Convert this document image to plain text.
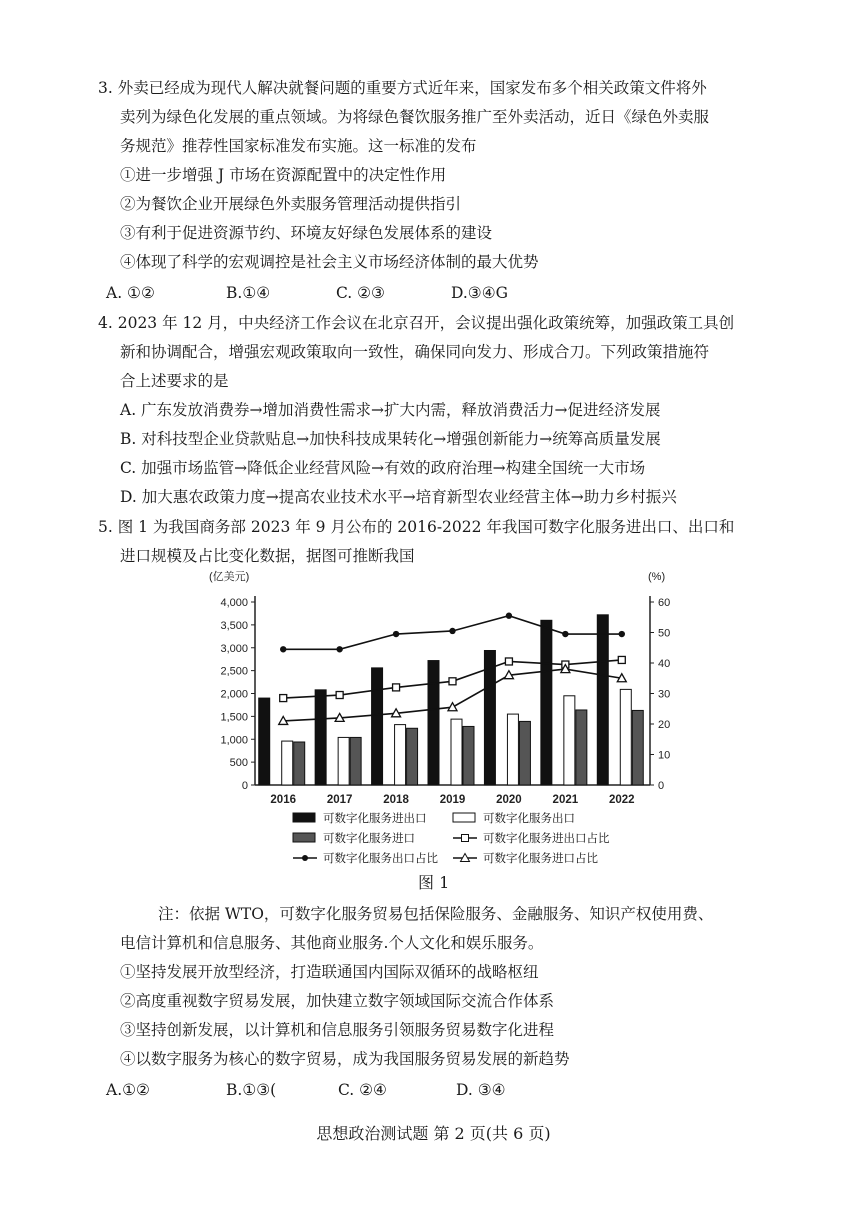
3. 外卖已经成为现代人解决就餐问题的重要方式近年来，国家发布多个相关政策文件将外
卖列为绿色化发展的重点领域。为将绿色餐饮服务推广至外卖活动，近日《绿色外卖服
务规范》推荐性国家标准发布实施。这一标准的发布
①进一步增强 J 市场在资源配置中的决定性作用
②为餐饮企业开展绿色外卖服务管理活动提供指引
③有利于促进资源节约、环境友好绿色发展体系的建设
④体现了科学的宏观调控是社会主义市场经济体制的最大优势
A. ①②	B.①④	C. ②③	D.③④G
4. 2023 年 12 月，中央经济工作会议在北京召开，会议提出强化政策统筹，加强政策工具创
新和协调配合，增强宏观政策取向一致性，确保同向发力、形成合刀。下列政策措施符
合上述要求的是
A. 广东发放消费券→增加消费性需求→扩大内需，释放消费活力→促进经济发展
B. 对科技型企业贷款贴息→加快科技成果转化→增强创新能力→统筹高质量发展
C. 加强市场监管→降低企业经营风险→有效的政府治理→构建全国统一大市场
D. 加大惠农政策力度→提高农业技术水平→培育新型农业经营主体→助力乡村振兴
5. 图 1 为我国商务部 2023 年 9 月公布的 2016-2022 年我国可数字化服务进出口、出口和
进口规模及占比变化数据，据图可推断我国
(亿美元)	(%)
0
500
1,000
1,500
2,000
2,500
3,000
3,500
4,000
0
10
20
30
40
50
60
2016	2017	2018	2019	2020	2021	2022
可数字化服务进出口	可数字化服务出口
可数字化服务进口	可数字化服务进出口占比
可数字化服务出口占比	可数字化服务进口占比
图 1
注：依据 WTO，可数字化服务贸易包括保险服务、金融服务、知识产权使用费、
电信计算机和信息服务、其他商业服务.个人文化和娱乐服务。
①坚持发展开放型经济，打造联通国内国际双循环的战略枢纽
②高度重视数字贸易发展，加快建立数字领域国际交流合作体系
③坚持创新发展，以计算机和信息服务引领服务贸易数字化进程
④以数字服务为核心的数字贸易，成为我国服务贸易发展的新趋势
A.①②	B.①③(	C. ②④	D. ③④
思想政治测试题 第 2 页(共 6 页)
